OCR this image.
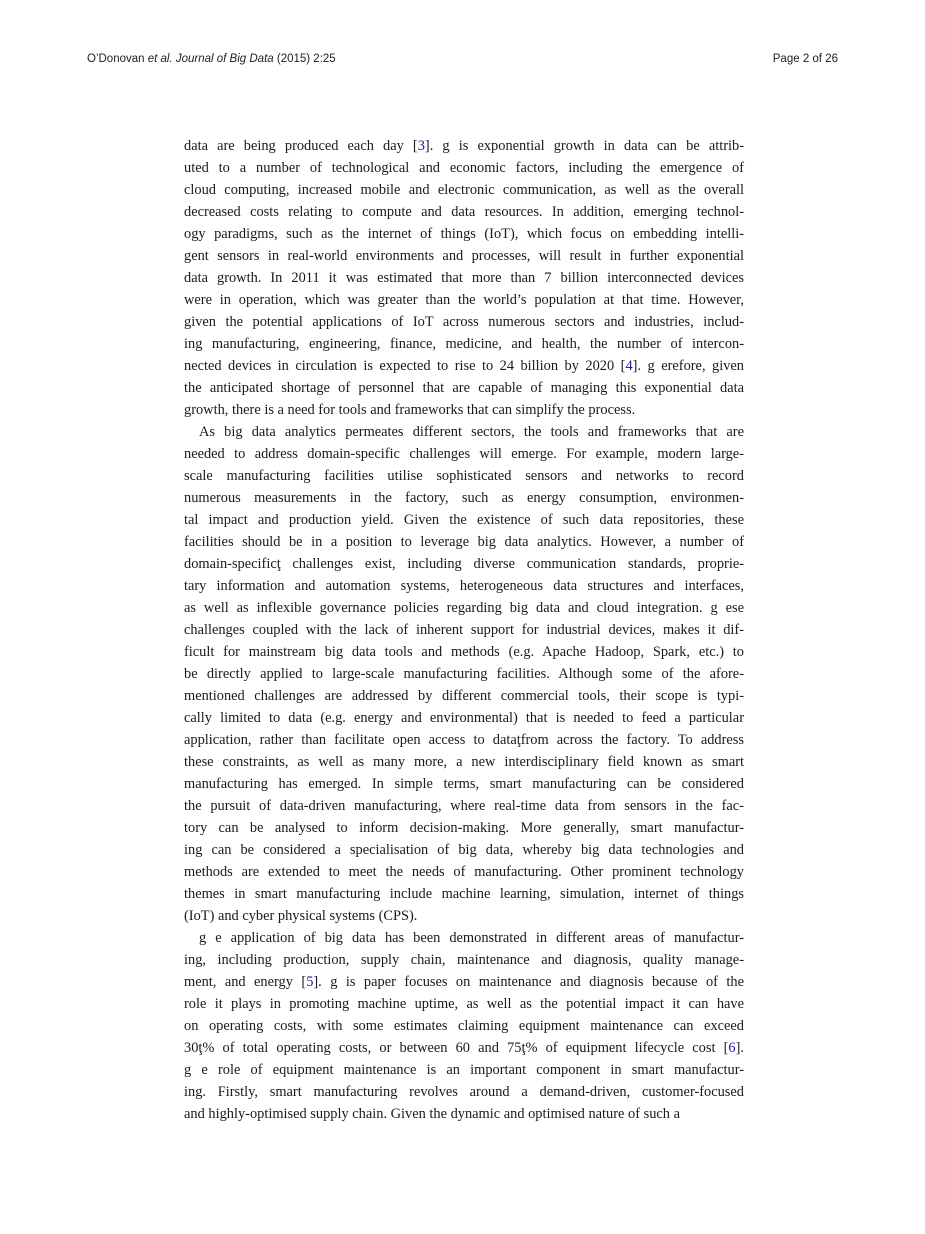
O’Donovan et al. Journal of Big Data (2015) 2:25	Page 2 of 26
data are being produced each day [3]. g is exponential growth in data can be attrib-
uted to a number of technological and economic factors, including the emergence of
cloud computing, increased mobile and electronic communication, as well as the overall
decreased costs relating to compute and data resources. In addition, emerging technol-
ogy paradigms, such as the internet of things (IoT), which focus on embedding intelli-
gent sensors in real-world environments and processes, will result in further exponential
data growth. In 2011 it was estimated that more than 7 billion interconnected devices
were in operation, which was greater than the world’s population at that time. However,
given the potential applications of IoT across numerous sectors and industries, includ-
ing manufacturing, engineering, finance, medicine, and health, the number of intercon-
nected devices in circulation is expected to rise to 24 billion by 2020 [4]. g erefore, given
the anticipated shortage of personnel that are capable of managing this exponential data
growth, there is a need for tools and frameworks that can simplify the process.
As big data analytics permeates different sectors, the tools and frameworks that are
needed to address domain-specific challenges will emerge. For example, modern large-
scale manufacturing facilities utilise sophisticated sensors and networks to record
numerous measurements in the factory, such as energy consumption, environmen-
tal impact and production yield. Given the existence of such data repositories, these
facilities should be in a position to leverage big data analytics. However, a number of
domain-specificţ challenges exist, including diverse communication standards, proprie-
tary information and automation systems, heterogeneous data structures and interfaces,
as well as inflexible governance policies regarding big data and cloud integration. g ese
challenges coupled with the lack of inherent support for industrial devices, makes it dif-
ficult for mainstream big data tools and methods (e.g. Apache Hadoop, Spark, etc.) to
be directly applied to large-scale manufacturing facilities. Although some of the afore-
mentioned challenges are addressed by different commercial tools, their scope is typi-
cally limited to data (e.g. energy and environmental) that is needed to feed a particular
application, rather than facilitate open access to dataţfrom across the factory. To address
these constraints, as well as many more, a new interdisciplinary field known as smart
manufacturing has emerged. In simple terms, smart manufacturing can be considered
the pursuit of data-driven manufacturing, where real-time data from sensors in the fac-
tory can be analysed to inform decision-making. More generally, smart manufactur-
ing can be considered a specialisation of big data, whereby big data technologies and
methods are extended to meet the needs of manufacturing. Other prominent technology
themes in smart manufacturing include machine learning, simulation, internet of things
(IoT) and cyber physical systems (CPS).
g e application of big data has been demonstrated in different areas of manufactur-
ing, including production, supply chain, maintenance and diagnosis, quality manage-
ment, and energy [5]. g is paper focuses on maintenance and diagnosis because of the
role it plays in promoting machine uptime, as well as the potential impact it can have
on operating costs, with some estimates claiming equipment maintenance can exceed
30ţ% of total operating costs, or between 60 and 75ţ% of equipment lifecycle cost [6].
g e role of equipment maintenance is an important component in smart manufactur-
ing. Firstly, smart manufacturing revolves around a demand-driven, customer-focused
and highly-optimised supply chain. Given the dynamic and optimised nature of such a
